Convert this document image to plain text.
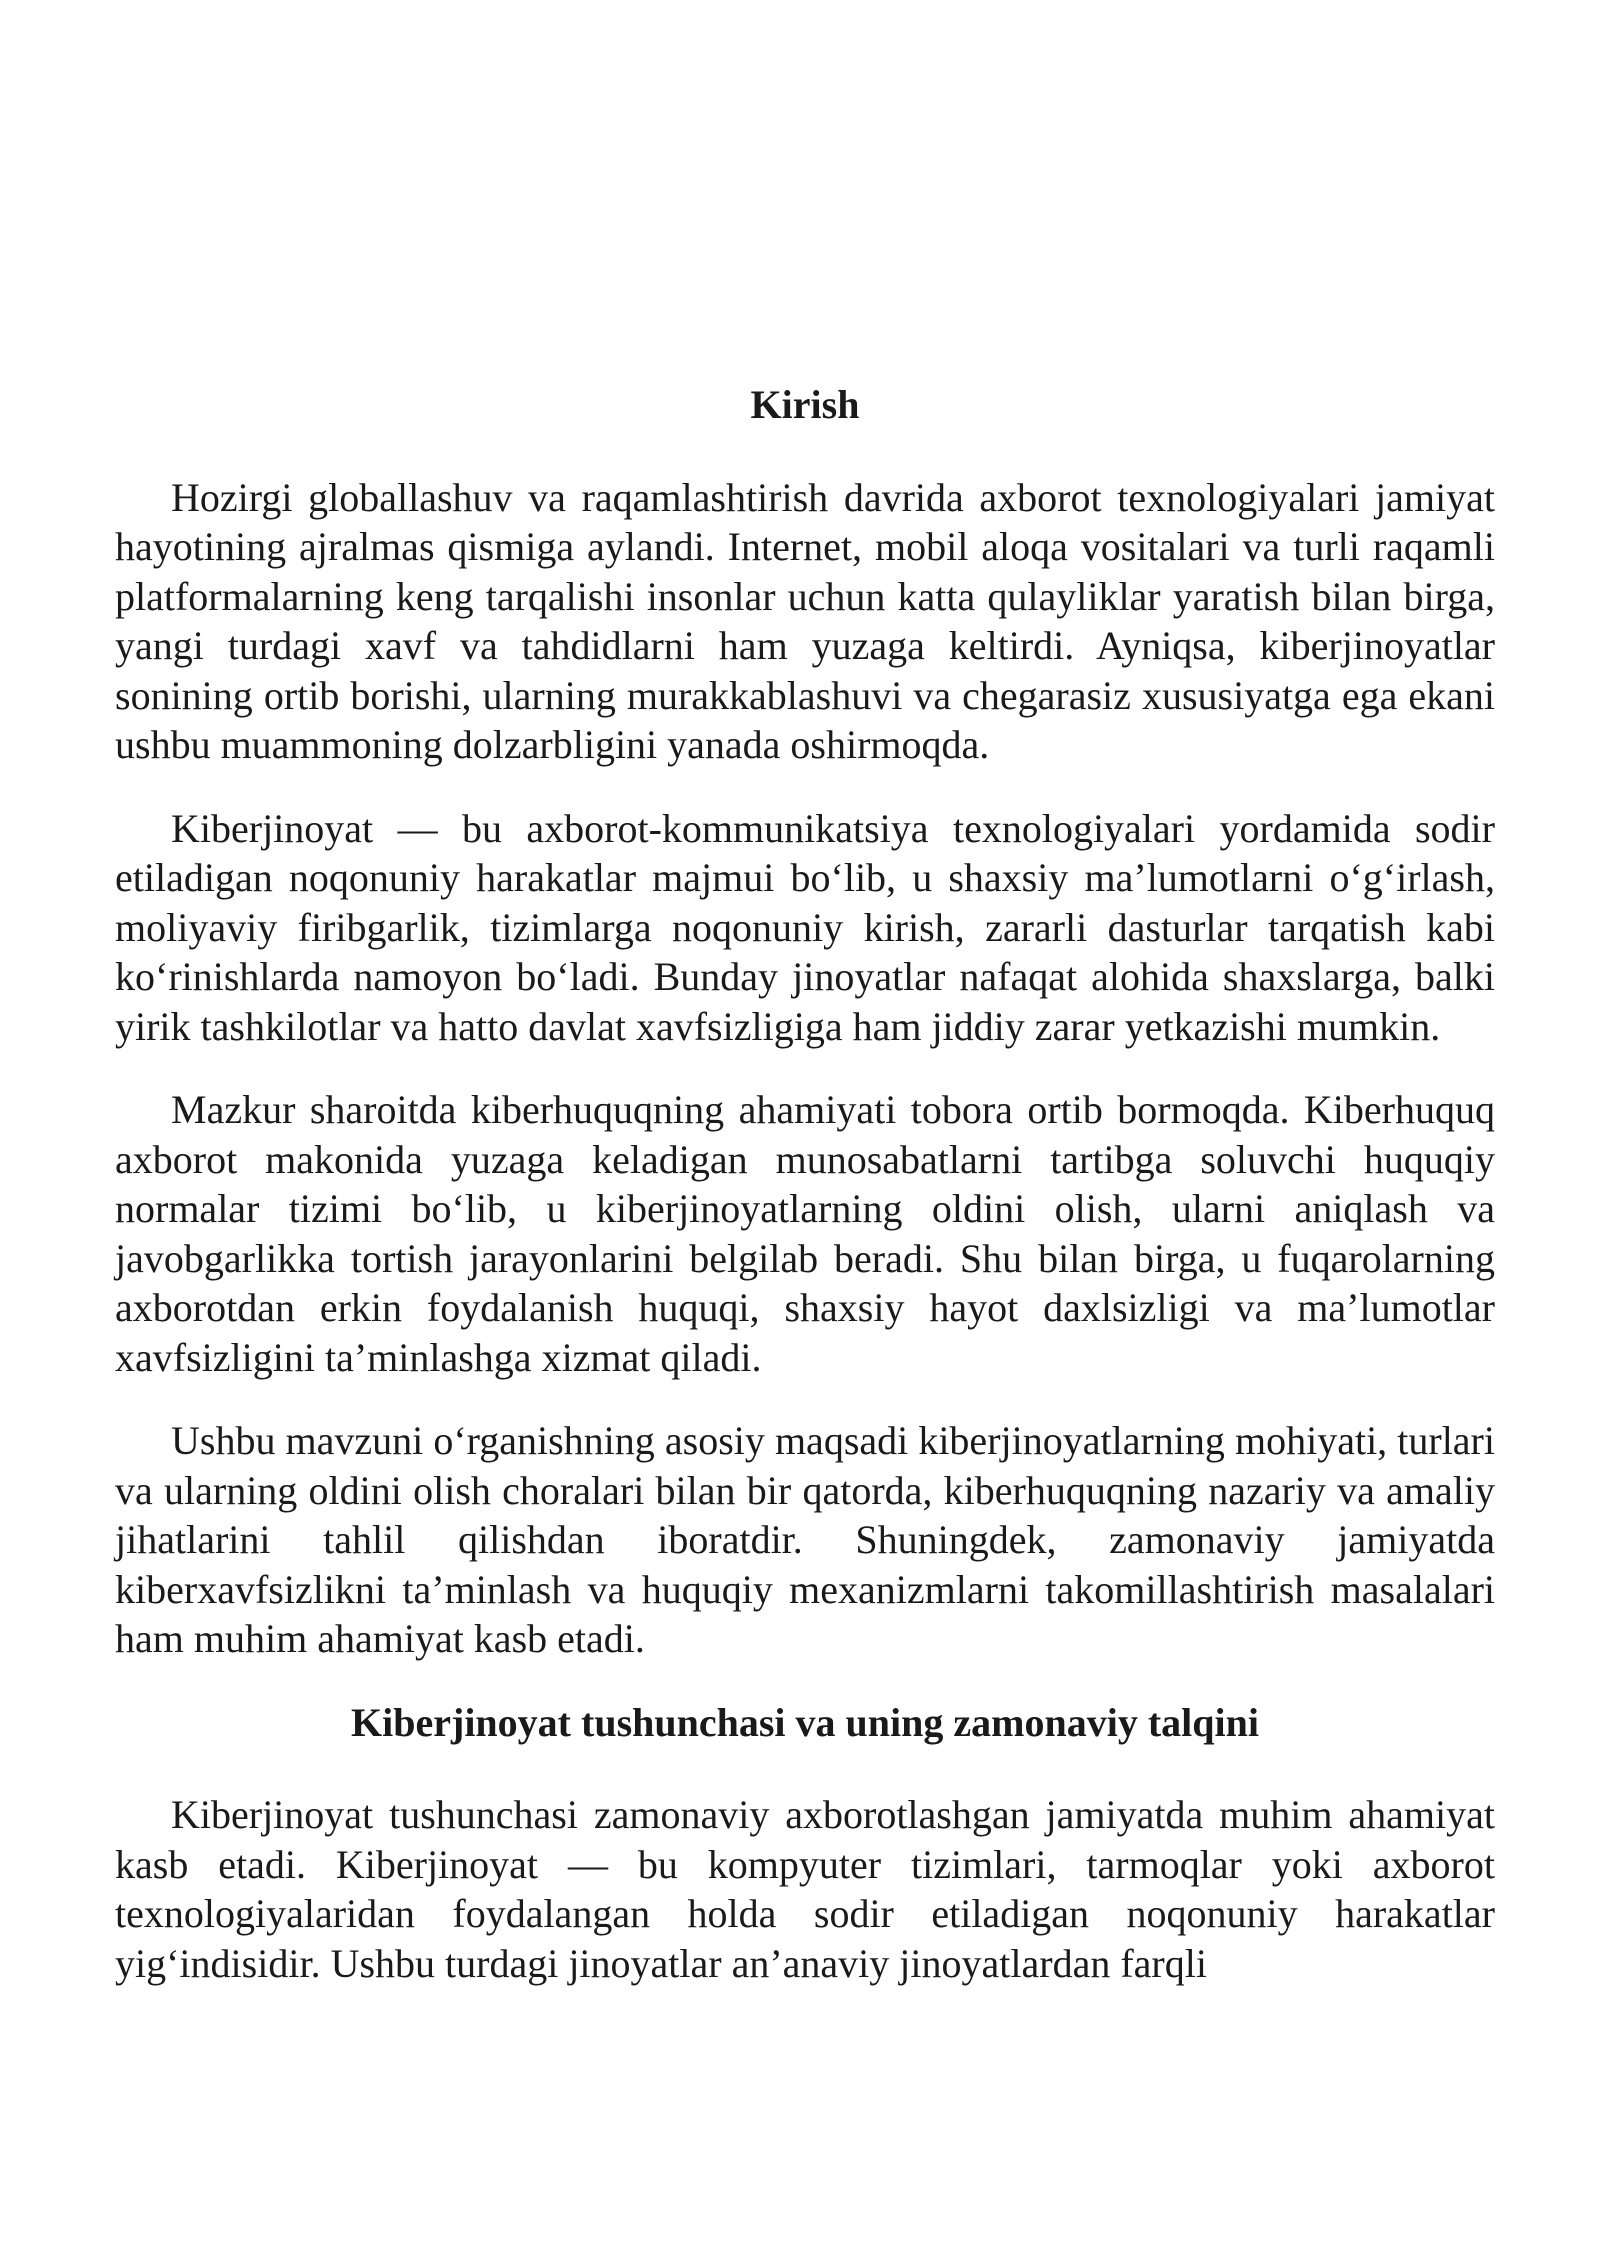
Kirish

Hozirgi globallashuv va raqamlashtirish davrida axborot texnologiyalari jamiyat hayotining ajralmas qismiga aylandi. Internet, mobil aloqa vositalari va turli raqamli platformalarning keng tarqalishi insonlar uchun katta qulayliklar yaratish bilan birga, yangi turdagi xavf va tahdidlarni ham yuzaga keltirdi. Ayniqsa, kiberjinoyatlar sonining ortib borishi, ularning murakkablashuvi va chegarasiz xususiyatga ega ekani ushbu muammoning dolzarbligini yanada oshirmoqda.

Kiberjinoyat — bu axborot-kommunikatsiya texnologiyalari yordamida sodir etiladigan noqonuniy harakatlar majmui bo‘lib, u shaxsiy ma’lumotlarni o‘g‘irlash, moliyaviy firibgarlik, tizimlarga noqonuniy kirish, zararli dasturlar tarqatish kabi ko‘rinishlarda namoyon bo‘ladi. Bunday jinoyatlar nafaqat alohida shaxslarga, balki yirik tashkilotlar va hatto davlat xavfsizligiga ham jiddiy zarar yetkazishi mumkin.

Mazkur sharoitda kiberhuquqning ahamiyati tobora ortib bormoqda. Kiberhuquq axborot makonida yuzaga keladigan munosabatlarni tartibga soluvchi huquqiy normalar tizimi bo‘lib, u kiberjinoyatlarning oldini olish, ularni aniqlash va javobgarlikka tortish jarayonlarini belgilab beradi. Shu bilan birga, u fuqarolarning axborotdan erkin foydalanish huquqi, shaxsiy hayot daxlsizligi va ma’lumotlar xavfsizligini ta’minlashga xizmat qiladi.

Ushbu mavzuni o‘rganishning asosiy maqsadi kiberjinoyatlarning mohiyati, turlari va ularning oldini olish choralari bilan bir qatorda, kiberhuquqning nazariy va amaliy jihatlarini tahlil qilishdan iboratdir. Shuningdek, zamonaviy jamiyatda kiberxavfsizlikni ta’minlash va huquqiy mexanizmlarni takomillashtirish masalalari ham muhim ahamiyat kasb etadi.

Kiberjinoyat tushunchasi va uning zamonaviy talqini

Kiberjinoyat tushunchasi zamonaviy axborotlashgan jamiyatda muhim ahamiyat kasb etadi. Kiberjinoyat — bu kompyuter tizimlari, tarmoqlar yoki axborot texnologiyalaridan foydalangan holda sodir etiladigan noqonuniy harakatlar yig‘indisidir. Ushbu turdagi jinoyatlar an’anaviy jinoyatlardan farqli
